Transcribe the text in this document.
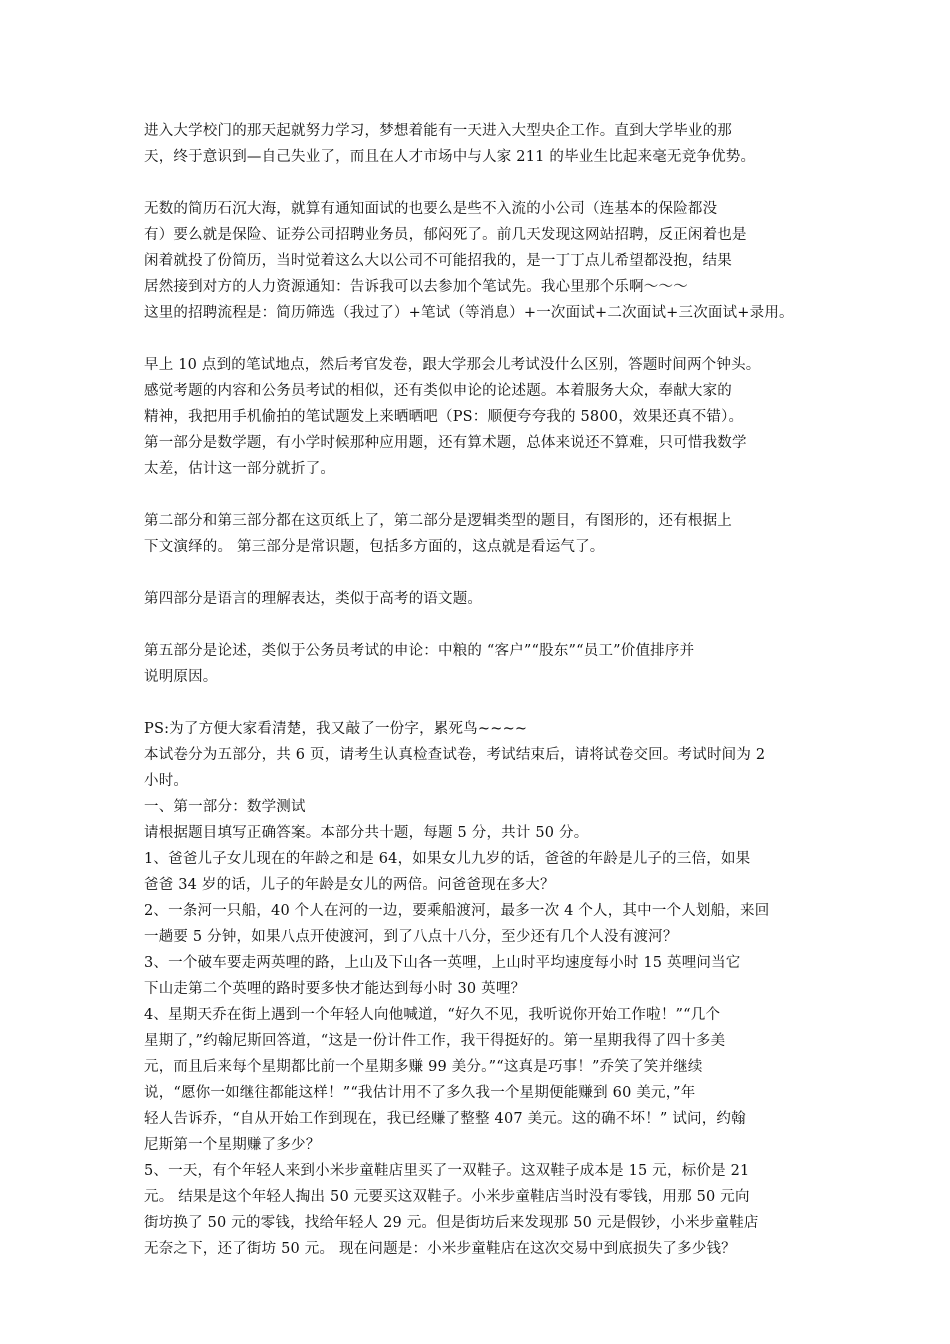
进入大学校门的那天起就努力学习，梦想着能有一天进入大型央企工作。直到大学毕业的那
天，终于意识到—自己失业了，而且在人才市场中与人家 211 的毕业生比起来毫无竞争优势。
无数的简历石沉大海，就算有通知面试的也要么是些不入流的小公司（连基本的保险都没
有）要么就是保险、证券公司招聘业务员，郁闷死了。前几天发现这网站招聘，反正闲着也是
闲着就投了份简历，当时觉着这么大以公司不可能招我的，是一丁丁点儿希望都没抱，结果
居然接到对方的人力资源通知：告诉我可以去参加个笔试先。我心里那个乐啊～～～
这里的招聘流程是：简历筛选（我过了）+笔试（等消息）+一次面试+二次面试+三次面试+录用。
早上 10 点到的笔试地点，然后考官发卷，跟大学那会儿考试没什么区别，答题时间两个钟头。
感觉考题的内容和公务员考试的相似，还有类似申论的论述题。本着服务大众，奉献大家的
精神，我把用手机偷拍的笔试题发上来晒晒吧（PS：顺便夸夸我的 5800，效果还真不错）。
第一部分是数学题，有小学时候那种应用题，还有算术题，总体来说还不算难，只可惜我数学
太差，估计这一部分就折了。
第二部分和第三部分都在这页纸上了，第二部分是逻辑类型的题目，有图形的，还有根据上
下文演绎的。 第三部分是常识题，包括多方面的，这点就是看运气了。
第四部分是语言的理解表达，类似于高考的语文题。
第五部分是论述，类似于公务员考试的申论：中粮的 “客户”“股东”“员工”价值排序并
说明原因。
PS:为了方便大家看清楚，我又敲了一份字，累死鸟~~~~
本试卷分为五部分，共 6 页，请考生认真检查试卷，考试结束后，请将试卷交回。考试时间为 2
小时。
一、第一部分：数学测试
请根据题目填写正确答案。本部分共十题，每题 5 分，共计 50 分。
1、爸爸儿子女儿现在的年龄之和是 64，如果女儿九岁的话，爸爸的年龄是儿子的三倍，如果
爸爸 34 岁的话，儿子的年龄是女儿的两倍。问爸爸现在多大？
2、一条河一只船，40 个人在河的一边，要乘船渡河，最多一次 4 个人，其中一个人划船，来回
一趟要 5 分钟，如果八点开使渡河，到了八点十八分，至少还有几个人没有渡河？
3、一个破车要走两英哩的路，上山及下山各一英哩，上山时平均速度每小时 15 英哩问当它
下山走第二个英哩的路时要多快才能达到每小时 30 英哩？
4、星期天乔在街上遇到一个年轻人向他喊道，“好久不见，我听说你开始工作啦！”“几个
星期了，”约翰尼斯回答道，“这是一份计件工作，我干得挺好的。第一星期我得了四十多美
元，而且后来每个星期都比前一个星期多赚 99 美分。”“这真是巧事！”乔笑了笑并继续
说，“愿你一如继往都能这样！”“我估计用不了多久我一个星期便能赚到 60 美元，”年
轻人告诉乔，“自从开始工作到现在，我已经赚了整整 407 美元。这的确不坏！” 试问，约翰
尼斯第一个星期赚了多少？
5、一天，有个年轻人来到小米步童鞋店里买了一双鞋子。这双鞋子成本是 15 元，标价是 21
元。 结果是这个年轻人掏出 50 元要买这双鞋子。小米步童鞋店当时没有零钱，用那 50 元向
街坊换了 50 元的零钱，找给年轻人 29 元。但是街坊后来发现那 50 元是假钞，小米步童鞋店
无奈之下，还了街坊 50 元。 现在问题是：小米步童鞋店在这次交易中到底损失了多少钱？
